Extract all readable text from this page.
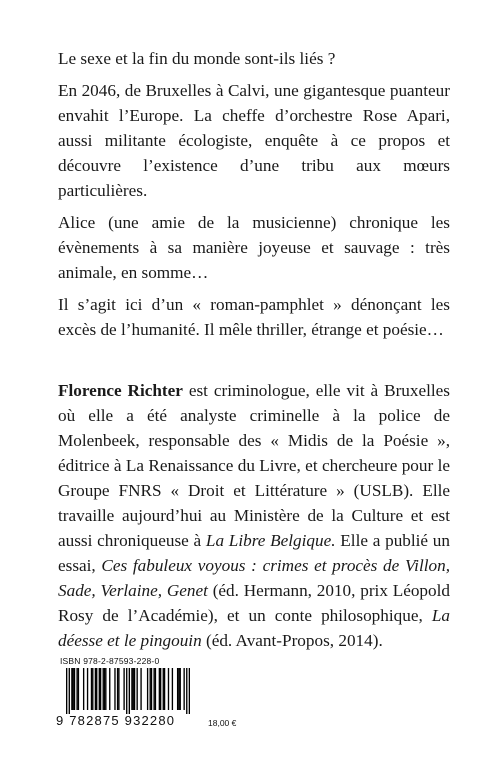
Le sexe et la fin du monde sont-ils liés ?

En 2046, de Bruxelles à Calvi, une gigantesque puanteur envahit l’Europe. La cheffe d’orchestre Rose Apari, aussi militante écologiste, enquête à ce propos et découvre l’existence d’une tribu aux mœurs particulières.

Alice (une amie de la musicienne) chronique les évènements à sa manière joyeuse et sauvage : très animale, en somme…

Il s’agit ici d’un « roman-pamphlet » dénonçant les excès de l’humanité. Il mêle thriller, étrange et poésie…

Florence Richter est criminologue, elle vit à Bruxelles où elle a été analyste criminelle à la police de Molenbeek, responsable des « Midis de la Poésie », éditrice à La Renaissance du Livre, et chercheure pour le Groupe FNRS « Droit et Littérature » (USLB). Elle travaille aujourd’hui au Ministère de la Culture et est aussi chroniqueuse à La Libre Belgique. Elle a publié un essai, Ces fabuleux voyous : crimes et procès de Villon, Sade, Verlaine, Genet (éd. Hermann, 2010, prix Léopold Rosy de l’Académie), et un conte philosophique, La déesse et le pingouin (éd. Avant-Propos, 2014).

ISBN 978-2-87593-228-0
9 782875 932280	18,00 €
